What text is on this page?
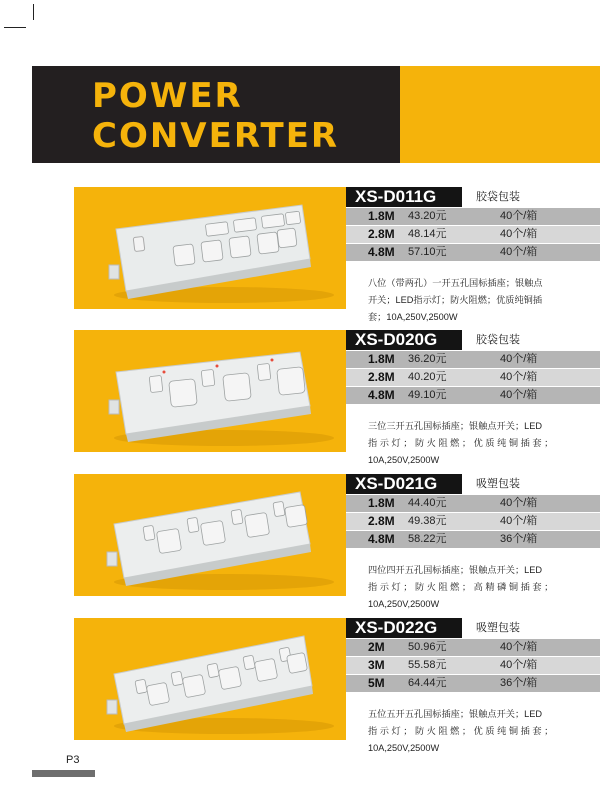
POWER
CONVERTER
XS-D011G	胶袋包装
1.8M	43.20元	40个/箱
2.8M	48.14元	40个/箱
4.8M	57.10元	40个/箱

八位（带两孔）一开五孔国标插座；银触点
开关；LED指示灯；防火阻燃；优质纯铜插
套；10A,250V,2500W

XS-D020G	胶袋包装
1.8M	36.20元	40个/箱
2.8M	40.20元	40个/箱
4.8M	49.10元	40个/箱

三位三开五孔国标插座；银触点开关；LED
指 示 灯 ； 防 火 阻 燃 ； 优 质 纯 铜 插 套 ；
10A,250V,2500W

XS-D021G	吸塑包装
1.8M	44.40元	40个/箱
2.8M	49.38元	40个/箱
4.8M	58.22元	36个/箱

四位四开五孔国标插座；银触点开关；LED
指 示 灯 ； 防 火 阻 燃 ； 高 精 磷 铜 插 套 ；
10A,250V,2500W

XS-D022G	吸塑包装
2M	50.96元	40个/箱
3M	55.58元	40个/箱
5M	64.44元	36个/箱

五位五开五孔国标插座；银触点开关；LED
指 示 灯 ； 防 火 阻 燃 ； 优 质 纯 铜 插 套 ；
10A,250V,2500W

P3
